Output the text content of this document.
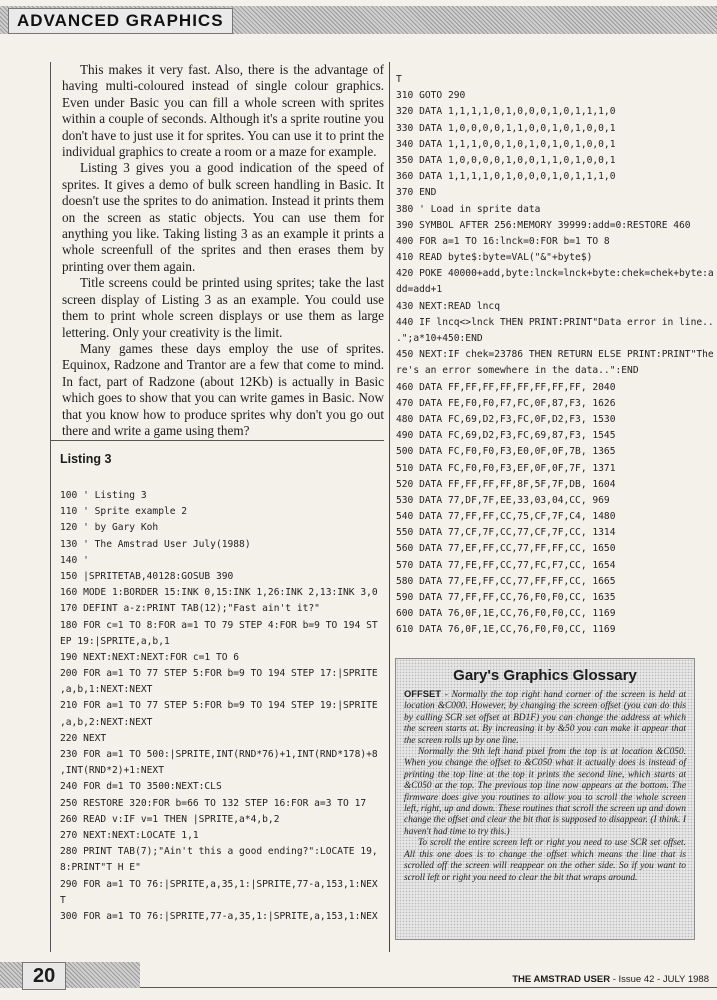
ADVANCED GRAPHICS

This makes it very fast. Also, there is the advantage of having multi-coloured instead of single colour graphics. Even under Basic you can fill a whole screen with sprites within a couple of seconds. Although it's a sprite routine you don't have to just use it for sprites. You can use it to print the individual graphics to create a room or a maze for example.

Listing 3 gives you a good indication of the speed of sprites. It gives a demo of bulk screen handling in Basic. It doesn't use the sprites to do animation. Instead it prints them on the screen as static objects. You can use them for anything you like. Taking listing 3 as an example it prints a whole screenfull of the sprites and then erases them by printing over them again.

Title screens could be printed using sprites; take the last screen display of Listing 3 as an example. You could use them to print whole screen displays or use them as large lettering. Only your creativity is the limit.

Many games these days employ the use of sprites. Equinox, Radzone and Trantor are a few that come to mind. In fact, part of Radzone (about 12Kb) is actually in Basic which goes to show that you can write games in Basic. Now that you know how to produce sprites why don't you go out there and write a game using them?

Listing 3
100 ' Listing 3
110 ' Sprite example 2
120 ' by Gary Koh
130 ' The Amstrad User July(1988)
140 '
150 |SPRITETAB,40128:GOSUB 390
160 MODE 1:BORDER 15:INK 0,15:INK 1,26:INK 2,13:INK 3,0
170 DEFINT a-z:PRINT TAB(12);"Fast ain't it?"
180 FOR c=1 TO 8:FOR a=1 TO 79 STEP 4:FOR b=9 TO 194 ST
EP 19:|SPRITE,a,b,1
190 NEXT:NEXT:NEXT:FOR c=1 TO 6
200 FOR a=1 TO 77 STEP 5:FOR b=9 TO 194 STEP 17:|SPRITE
,a,b,1:NEXT:NEXT
210 FOR a=1 TO 77 STEP 5:FOR b=9 TO 194 STEP 19:|SPRITE
,a,b,2:NEXT:NEXT
220 NEXT
230 FOR a=1 TO 500:|SPRITE,INT(RND*76)+1,INT(RND*178)+8
,INT(RND*2)+1:NEXT
240 FOR d=1 TO 3500:NEXT:CLS
250 RESTORE 320:FOR b=66 TO 132 STEP 16:FOR a=3 TO 17
260 READ v:IF v=1 THEN |SPRITE,a*4,b,2
270 NEXT:NEXT:LOCATE 1,1
280 PRINT TAB(7);"Ain't this a good ending?":LOCATE 19,
8:PRINT"T H E"
290 FOR a=1 TO 76:|SPRITE,a,35,1:|SPRITE,77-a,153,1:NEX
T
300 FOR a=1 TO 76:|SPRITE,77-a,35,1:|SPRITE,a,153,1:NEX
T
310 GOTO 290
320 DATA 1,1,1,1,0,1,0,0,0,1,0,1,1,1,0
330 DATA 1,0,0,0,0,1,1,0,0,1,0,1,0,0,1
340 DATA 1,1,1,0,0,1,0,1,0,1,0,1,0,0,1
350 DATA 1,0,0,0,0,1,0,0,1,1,0,1,0,0,1
360 DATA 1,1,1,1,0,1,0,0,0,1,0,1,1,1,0
370 END
380 ' Load in sprite data
390 SYMBOL AFTER 256:MEMORY 39999:add=0:RESTORE 460
400 FOR a=1 TO 16:lnck=0:FOR b=1 TO 8
410 READ byte$:byte=VAL("&"+byte$)
420 POKE 40000+add,byte:lnck=lnck+byte:chek=chek+byte:a
dd=add+1
430 NEXT:READ lncq
440 IF lncq<>lnck THEN PRINT:PRINT"Data error in line..
.";a*10+450:END
450 NEXT:IF chek=23786 THEN RETURN ELSE PRINT:PRINT"The
re's an error somewhere in the data..":END
460 DATA FF,FF,FF,FF,FF,FF,FF,FF, 2040
470 DATA FE,F0,F0,F7,FC,0F,87,F3, 1626
480 DATA FC,69,D2,F3,FC,0F,D2,F3, 1530
490 DATA FC,69,D2,F3,FC,69,87,F3, 1545
500 DATA FC,F0,F0,F3,E0,0F,0F,7B, 1365
510 DATA FC,F0,F0,F3,EF,0F,0F,7F, 1371
520 DATA FF,FF,FF,FF,8F,5F,7F,DB, 1604
530 DATA 77,DF,7F,EE,33,03,04,CC, 969
540 DATA 77,FF,FF,CC,75,CF,7F,C4, 1480
550 DATA 77,CF,7F,CC,77,CF,7F,CC, 1314
560 DATA 77,EF,FF,CC,77,FF,FF,CC, 1650
570 DATA 77,FE,FF,CC,77,FC,F7,CC, 1654
580 DATA 77,FE,FF,CC,77,FF,FF,CC, 1665
590 DATA 77,FF,FF,CC,76,F0,F0,CC, 1635
600 DATA 76,0F,1E,CC,76,F0,F0,CC, 1169
610 DATA 76,0F,1E,CC,76,F0,F0,CC, 1169
Gary's Graphics Glossary

OFFSET - Normally the top right hand corner of the screen is held at location &C000. However, by changing the screen offset (you can do this by calling SCR set offset at BD1F) you can change the address at which the screen starts at. By increasing it by &50 you can make it appear that the screen rolls up by one line.

Normally the 9th left hand pixel from the top is at location &C050. When you change the offset to &C050 what it actually does is instead of printing the top line at the top it prints the second line, which starts at &C050 at the top. The previous top line now appears at the bottom. The firmware does give you routines to allow you to scroll the whole screen left, right, up and down. These routines that scroll the screen up and down change the offset and clear the bit that is supposed to disappear. (I think. I haven't had time to try this.)

To scroll the entire screen left or right you need to use SCR set offset. All this one does is to change the offset which means the line that is scrolled off the screen will reappear on the other side. So if you want to scroll left or right you need to clear the bit that wraps around.

20	THE AMSTRAD USER - Issue 42 - JULY 1988
